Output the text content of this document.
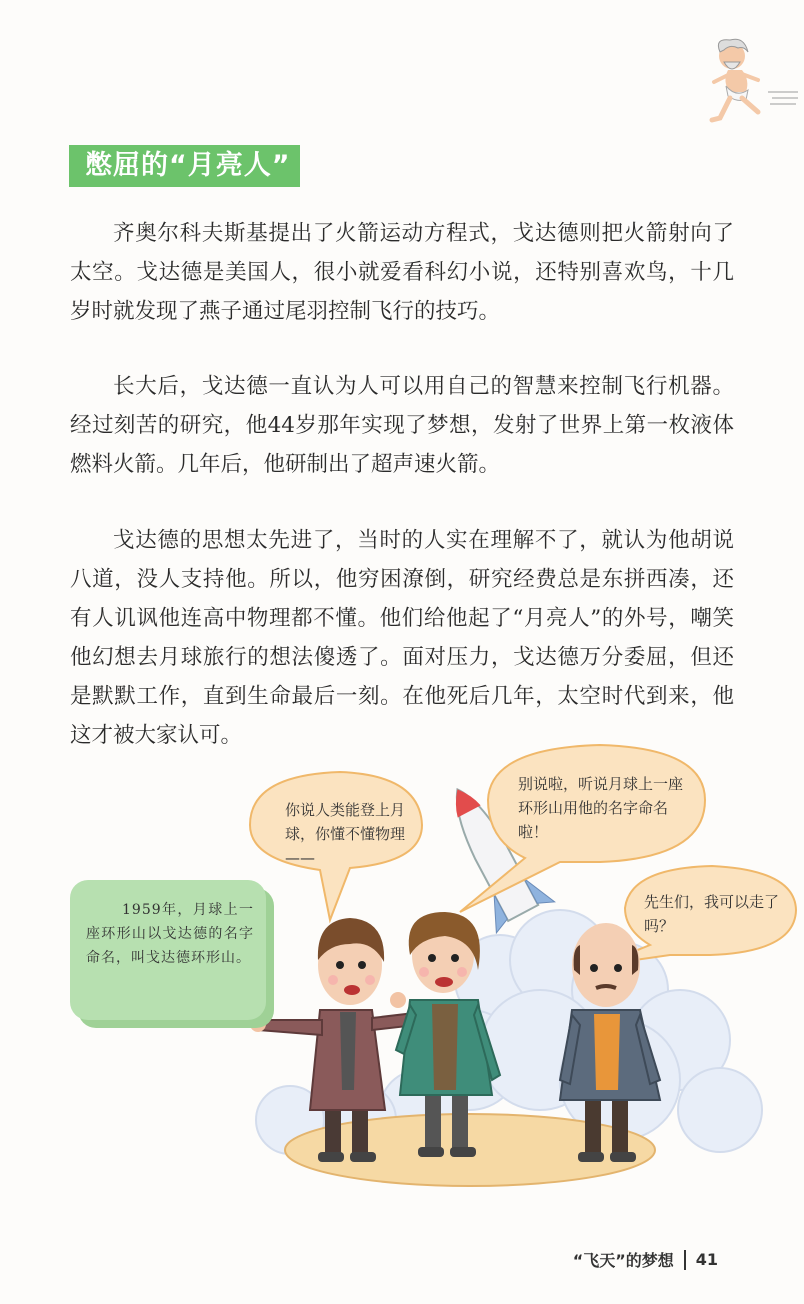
憋屈的“月亮人”

齐奥尔科夫斯基提出了火箭运动方程式，戈达德则把火箭射向了太空。戈达德是美国人，很小就爱看科幻小说，还特别喜欢鸟，十几岁时就发现了燕子通过尾羽控制飞行的技巧。

长大后，戈达德一直认为人可以用自己的智慧来控制飞行机器。经过刻苦的研究，他44岁那年实现了梦想，发射了世界上第一枚液体燃料火箭。几年后，他研制出了超声速火箭。

戈达德的思想太先进了，当时的人实在理解不了，就认为他胡说八道，没人支持他。所以，他穷困潦倒，研究经费总是东拼西凑，还有人讥讽他连高中物理都不懂。他们给他起了“月亮人”的外号，嘲笑他幻想去月球旅行的想法傻透了。面对压力，戈达德万分委屈，但还是默默工作，直到生命最后一刻。在他死后几年，太空时代到来，他这才被大家认可。

你说人类能登上月球，你懂不懂物理——
别说啦，听说月球上一座环形山用他的名字命名啦！
先生们，我可以走了吗？
1959年，月球上一座环形山以戈达德的名字命名，叫戈达德环形山。
“飞天”的梦想 41
